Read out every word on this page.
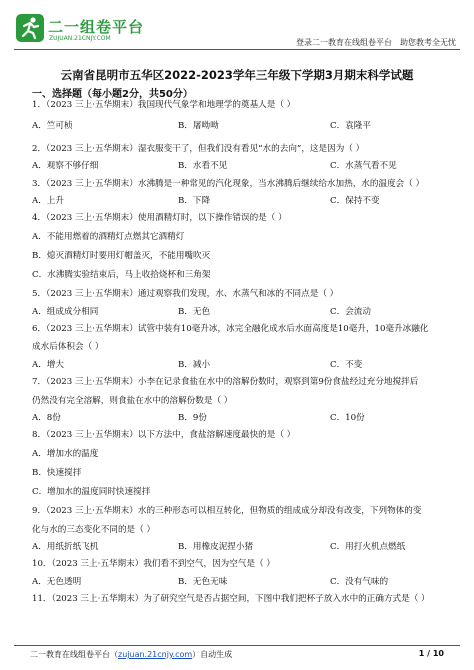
二一组卷平台
ZUJUAN.21CNJY.COM	登录二一教育在线组卷平台 助您教考全无忧
云南省昆明市五华区2022-2023学年三年级下学期3月期末科学试题
一、选择题（每小题2分，共50分）
1．（2023 三上·五华期末）我国现代气象学和地理学的奠基人是（ ）
2．（2023 三上·五华期末）湿衣服变干了，但我们没有看见“水的去向”，这是因为（ ）
3．（2023 三上·五华期末）水沸腾是一种常见的汽化现象，当水沸腾后继续给水加热，水的温度会（ ）
4．（2023 三上·五华期末）使用酒精灯时，以下操作错误的是（ ）
A．不能用燃着的酒精灯点燃其它酒精灯
B．熄灭酒精灯时要用灯帽盖灭，不能用嘴吹灭
C．水沸腾实验结束后，马上收拾烧杯和三角架
5．（2023 三上·五华期末）通过观察我们发现，水、水蒸气和冰的不同点是（ ）
6．（2023 三上·五华期末）试管中装有10毫升冰，冰完全融化成水后水面高度是10毫升，10毫升冰融化
成水后体积会（ ）
7．（2023 三上·五华期末）小李在记录食盐在水中的溶解份数时，观察到第9份食盐经过充分地搅拌后
仍然没有完全溶解，则食盐在水中的溶解份数是（ ）
8．（2023 三上·五华期末）以下方法中，食盐溶解速度最快的是（ ）
A．增加水的温度
B．快速搅拌
C．增加水的温度同时快速搅拌
9．（2023 三上·五华期末）水的三种形态可以相互转化，但物质的组成成分却没有改变，下列物体的变
化与水的三态变化不同的是（ ）
10．（2023 三上·五华期末）我们看不到空气，因为空气是（ ）
11．（2023 三上·五华期末）为了研究空气是否占据空间，下图中我们把杯子放入水中的正确方式是（ ）
A．竺可桢	B．屠呦呦	C．袁隆平
A．观察不够仔细	B．水看不见	C．水蒸气看不见
A．上升	B．下降	C．保持不变
A．组成成分相同	B．无色	C．会流动
A．增大	B．减小	C．不变
A．8份	B．9份	C．10份
A．用纸折纸飞机	B．用橡皮泥捏小猪	C．用打火机点燃纸
A．无色透明	B．无色无味	C．没有气味的
二一教育在线组卷平台（zujuan.21cnjy.com）自动生成	1 / 10
